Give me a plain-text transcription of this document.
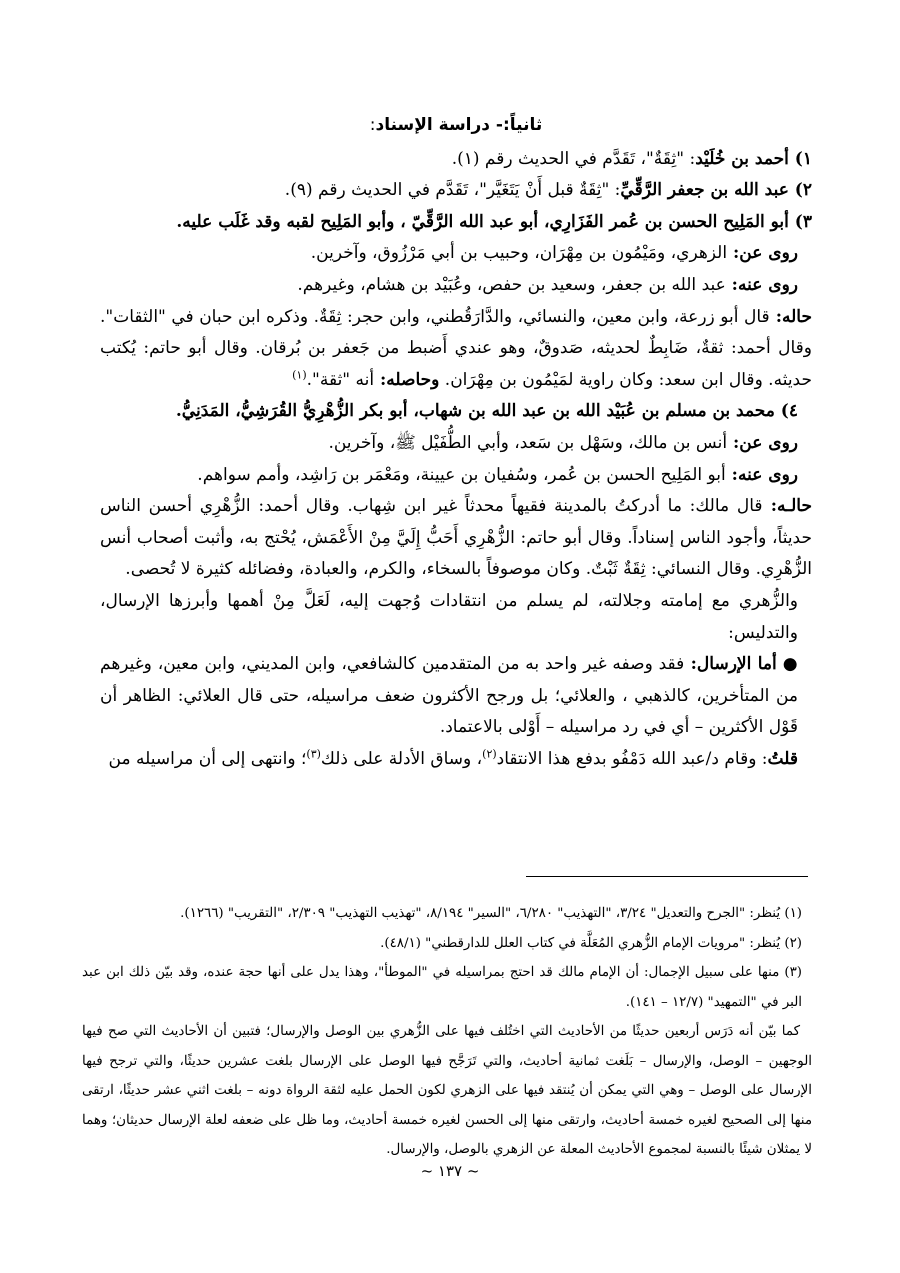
ثانياً:- دراسة الإسناد:

١) أحمد بن خُلَيْد: "ثِقَةٌ"، تَقَدَّم في الحديث رقم (١).

٢) عبد الله بن جعفر الرَّقِّيِّ: "ثِقَةٌ قبل أَنْ يَتَغَيَّر"، تَقَدَّم في الحديث رقم (٩).

٣) أبو المَلِيح الحسن بن عُمر الفَزَارِي، أبو عبد الله الرَّقِّيّ ، وأبو المَلِيح لقبه وقد غَلَب عليه.

روى عن: الزهري، ومَيْمُون بن مِهْرَان، وحبيب بن أبي مَرْزُوق، وآخرين.

روى عنه: عبد الله بن جعفر، وسعيد بن حفص، وعُبَيْد بن هشام، وغيرهم.

حاله: قال أبو زرعة، وابن معين، والنسائي، والدَّارَقُطني، وابن حجر: ثِقَةٌ. وذكره ابن حبان في "الثقات". وقال أحمد: ثقةٌ، ضَابِطٌ لحديثه، صَدوقٌ، وهو عندي أَضبط من جَعفر بن بُرقان. وقال أبو حاتم: يُكتب حديثه. وقال ابن سعد: وكان راوية لمَيْمُون بن مِهْرَان. وحاصله: أنه "ثقة".$^{(١)}$

٤) محمد بن مسلم بن عُبَيْد الله بن عبد الله بن شهاب، أبو بكر الزُّهْرِيُّ القُرَشِيُّ، المَدَنِيُّ.

روى عن: أنس بن مالك، وسَهْل بن سَعد، وأبي الطُّفَيْل ﷺ، وآخرين.

روى عنه: أبو المَلِيح الحسن بن عُمر، وسُفيان بن عيينة، ومَعْمَر بن رَاشِد، وأمم سواهم.

حالـه: قال مالك: ما أدركتُ بالمدينة فقيهاً محدثاً غير ابن شِهاب. وقال أحمد: الزُّهْرِي أحسن الناس حديثاً، وأجود الناس إسناداً. وقال أبو حاتم: الزُّهْرِي أَحَبُّ إِلَيَّ مِنْ الأَعْمَش، يُحْتج به، وأثبت أصحاب أنس الزُّهْرِي. وقال النسائي: ثِقَةٌ ثَبْتٌ. وكان موصوفاً بالسخاء، والكرم، والعبادة، وفضائله كثيرة لا تُحصى.

والزُّهري مع إمامته وجلالته، لم يسلم من انتقادات وُجهت إليه، لَعَلَّ مِنْ أهمها وأبرزها الإرسال، والتدليس:

●أما الإرسال: فقد وصفه غير واحد به من المتقدمين كالشافعي، وابن المديني، وابن معين، وغيرهم من المتأخرين، كالذهبي ، والعلائي؛ بل ورجح الأكثرون ضعف مراسيله، حتى قال العلائي: الظاهر أن قَوْل الأكثرين – أي في رد مراسيله – أَوْلى بالاعتماد.

قلتُ: وقام د/عبد الله دَمْفُو بدفع هذا الانتقاد$^{(٢)}$، وساق الأدلة على ذلك$^{(٣)}$؛ وانتهى إلى أن مراسيله من

(١) يُنظر: "الجرح والتعديل" ٣/٢٤، "التهذيب" ٦/٢٨٠، "السير" ٨/١٩٤، "تهذيب التهذيب" ٢/٣٠٩، "التقريب" (١٢٦٦).

(٢) يُنظر: "مرويات الإمام الزُّهري المُعَلَّة في كتاب العلل للدارقطني" (٤٨/١).

(٣) منها على سبيل الإجمال: أن الإمام مالك قد احتج بمراسيله في "الموطأ"، وهذا يدل على أنها حجة عنده، وقد بيّن ذلك ابن عبد البر في "التمهيد" (١٢/٧ – ١٤١).

كما بيّن أنه دَرَس أربعين حديثًا من الأحاديث التي اختُلف فيها على الزُّهري بين الوصل والإرسال؛ فتبين أن الأحاديث التي صح فيها الوجهين – الوصل، والإرسال – بَلَغت ثمانية أحاديث، والتي تَرَجَّح فيها الوصل على الإرسال بلغت عشرين حديثًا، والتي ترجح فيها الإرسال على الوصل – وهي التي يمكن أن يُنتقد فيها على الزهري لكون الحمل عليه لثقة الرواة دونه – بلغت اثني عشر حديثًا، ارتقى منها إلى الصحيح لغيره خمسة أحاديث، وارتقى منها إلى الحسن لغيره خمسة أحاديث، وما ظل على ضعفه لعلة الإرسال حديثان؛ وهما لا يمثلان شيئًا بالنسبة لمجموع الأحاديث المعلة عن الزهري بالوصل، والإرسال.

~ ١٣٧ ~
